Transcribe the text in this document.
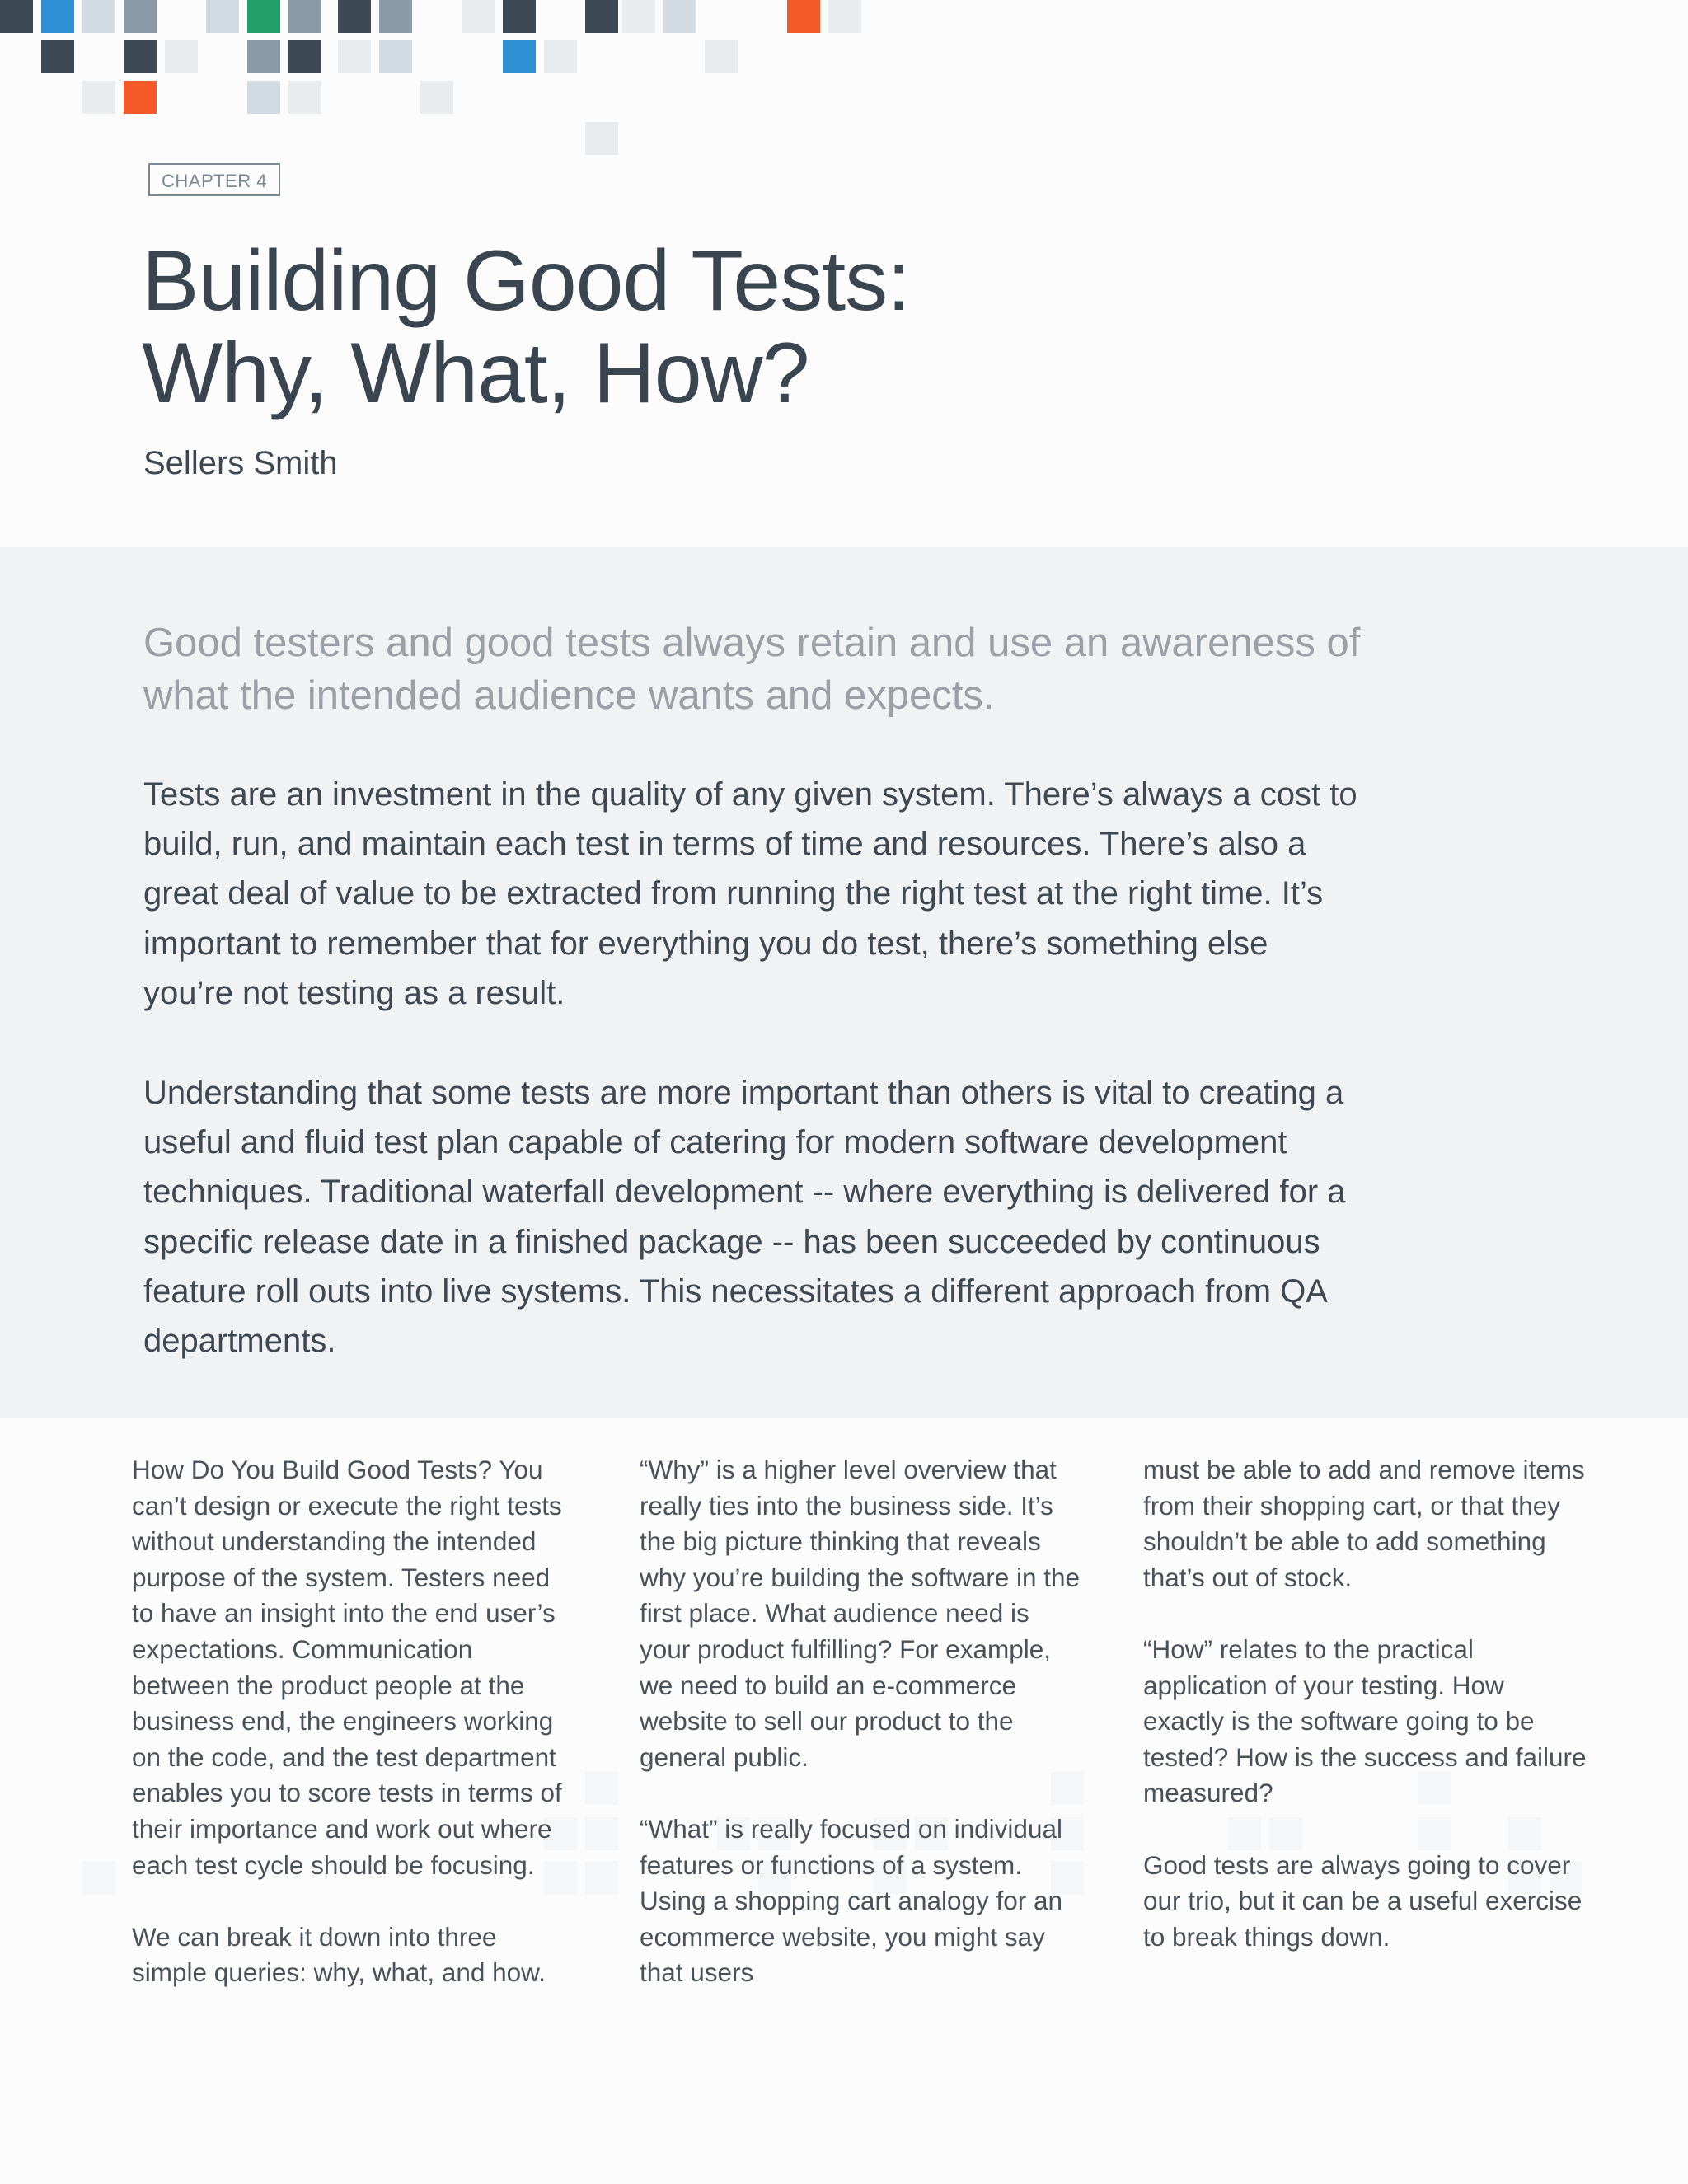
CHAPTER 4
Building Good Tests:
Why, What, How?
Sellers Smith

Good testers and good tests always retain and use an awareness of what the intended audience wants and expects.

Tests are an investment in the quality of any given system. There’s always a cost to build, run, and maintain each test in terms of time and resources. There’s also a great deal of value to be extracted from running the right test at the right time. It’s important to remember that for everything you do test, there’s something else you’re not testing as a result.

Understanding that some tests are more important than others is vital to creating a useful and fluid test plan capable of catering for modern software development techniques. Traditional waterfall development -- where everything is delivered for a specific release date in a finished package -- has been succeeded by continuous feature roll outs into live systems. This necessitates a different approach from QA departments.

How Do You Build Good Tests? You can’t design or execute the right tests without understanding the intended purpose of the system. Testers need to have an insight into the end user’s expectations. Communication between the product people at the business end, the engineers working on the code, and the test department enables you to score tests in terms of their importance and work out where each test cycle should be focusing.

We can break it down into three simple queries: why, what, and how.

“Why” is a higher level overview that really ties into the business side. It’s the big picture thinking that reveals why you’re building the software in the first place. What audience need is your product fulfilling? For example, we need to build an e-commerce website to sell our product to the general public.

“What” is really focused on individual features or functions of a system. Using a shopping cart analogy for an ecommerce website, you might say that users

must be able to add and remove items from their shopping cart, or that they shouldn’t be able to add something that’s out of stock.

“How” relates to the practical application of your testing. How exactly is the software going to be tested? How is the success and failure measured?

Good tests are always going to cover our trio, but it can be a useful exercise to break things down.
